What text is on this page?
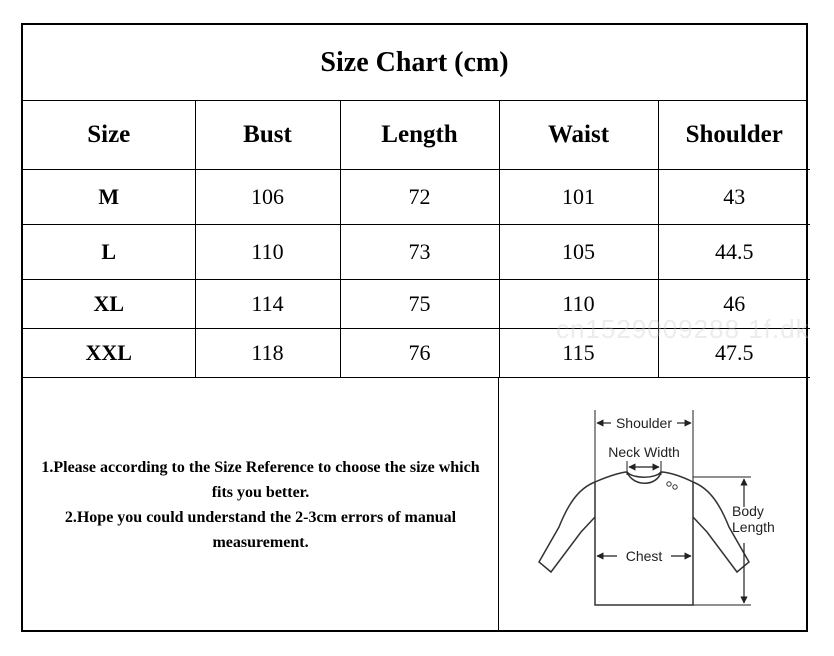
Size Chart (cm)
Size	Bust	Length	Waist	Shoulder
M	106	72	101	43
L	110	73	105	44.5
XL	114	75	110	46
XXL	118	76	115	47.5

1.Please according to the Size Reference to choose the size which fits you better.

2.Hope you could understand the 2-3cm errors of manual measurement.

Shoulder
Neck Width
Chest
Body
Length
cn1529009288 1f.dk
